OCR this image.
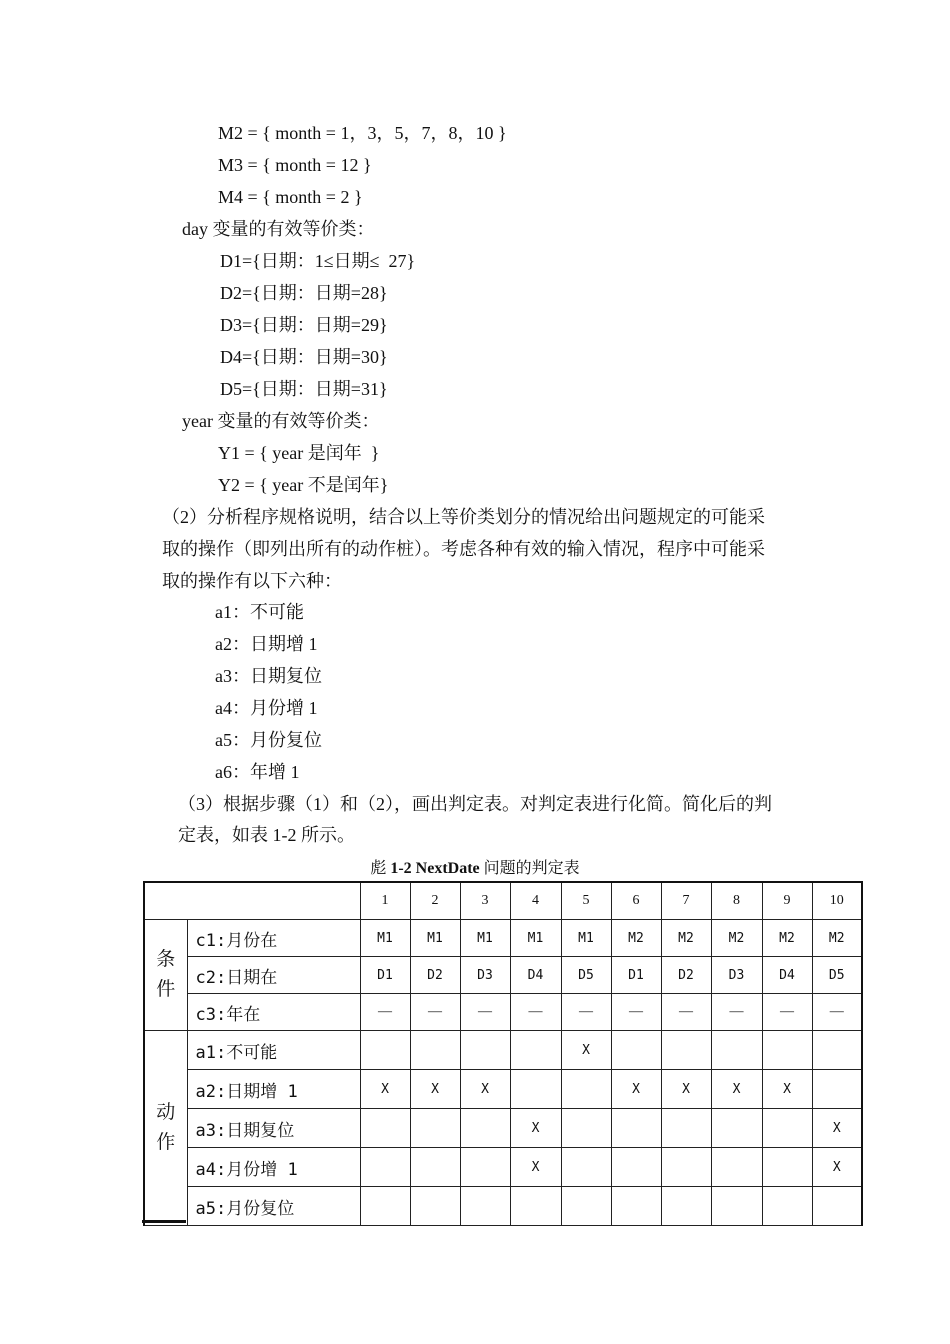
M2 = { month = 1，3，5，7，8，10 }
M3 = { month = 12 }
M4 = { month = 2 }
day 变量的有效等价类：
D1={日期：1≤日期≤  27}
D2={日期：日期=28}
D3={日期：日期=29}
D4={日期：日期=30}
D5={日期：日期=31}
year 变量的有效等价类：
Y1 = { year 是闰年  }
Y2 = { year 不是闰年}
（2）分析程序规格说明，结合以上等价类划分的情况给出问题规定的可能采
取的操作（即列出所有的动作桩）。考虑各种有效的输入情况，程序中可能采
取的操作有以下六种：
a1：不可能
a2：日期增 1
a3：日期复位
a4：月份增 1
a5：月份复位
a6：年增 1
（3）根据步骤（1）和（2），画出判定表。对判定表进行化简。简化后的判
定表，如表 1-2 所示。
彪 1-2 NextDate 问题的判定表
		1	2	3	4	5	6	7	8	9	10

条
件	c1:月份在	M1	M1	M1	M1	M1	M2	M2	M2	M2	M2
	c2:日期在	D1	D2	D3	D4	D5	D1	D2	D3	D4	D5
	c3:年在	—	—	—	—	—	—	—	—	—	—

动
作	a1:不可能					X					
	a2:日期增 1	X	X	X			X	X	X	X	
	a3:日期复位				X						X
	a4:月份增 1				X						X
	a5:月份复位										
